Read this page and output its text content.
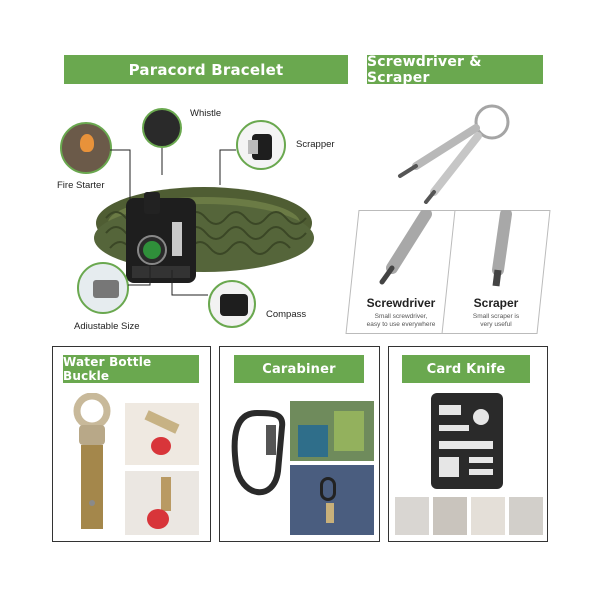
Paracord Bracelet
Whistle
Scrapper
Fire Starter
Adiustable Size
Compass
Screwdriver & Scraper
Screwdriver
Small screwdriver,
easy to use everywhere
Scraper
Small scraper is
very useful
Water Bottle Buckle	Carabiner	Card Knife
